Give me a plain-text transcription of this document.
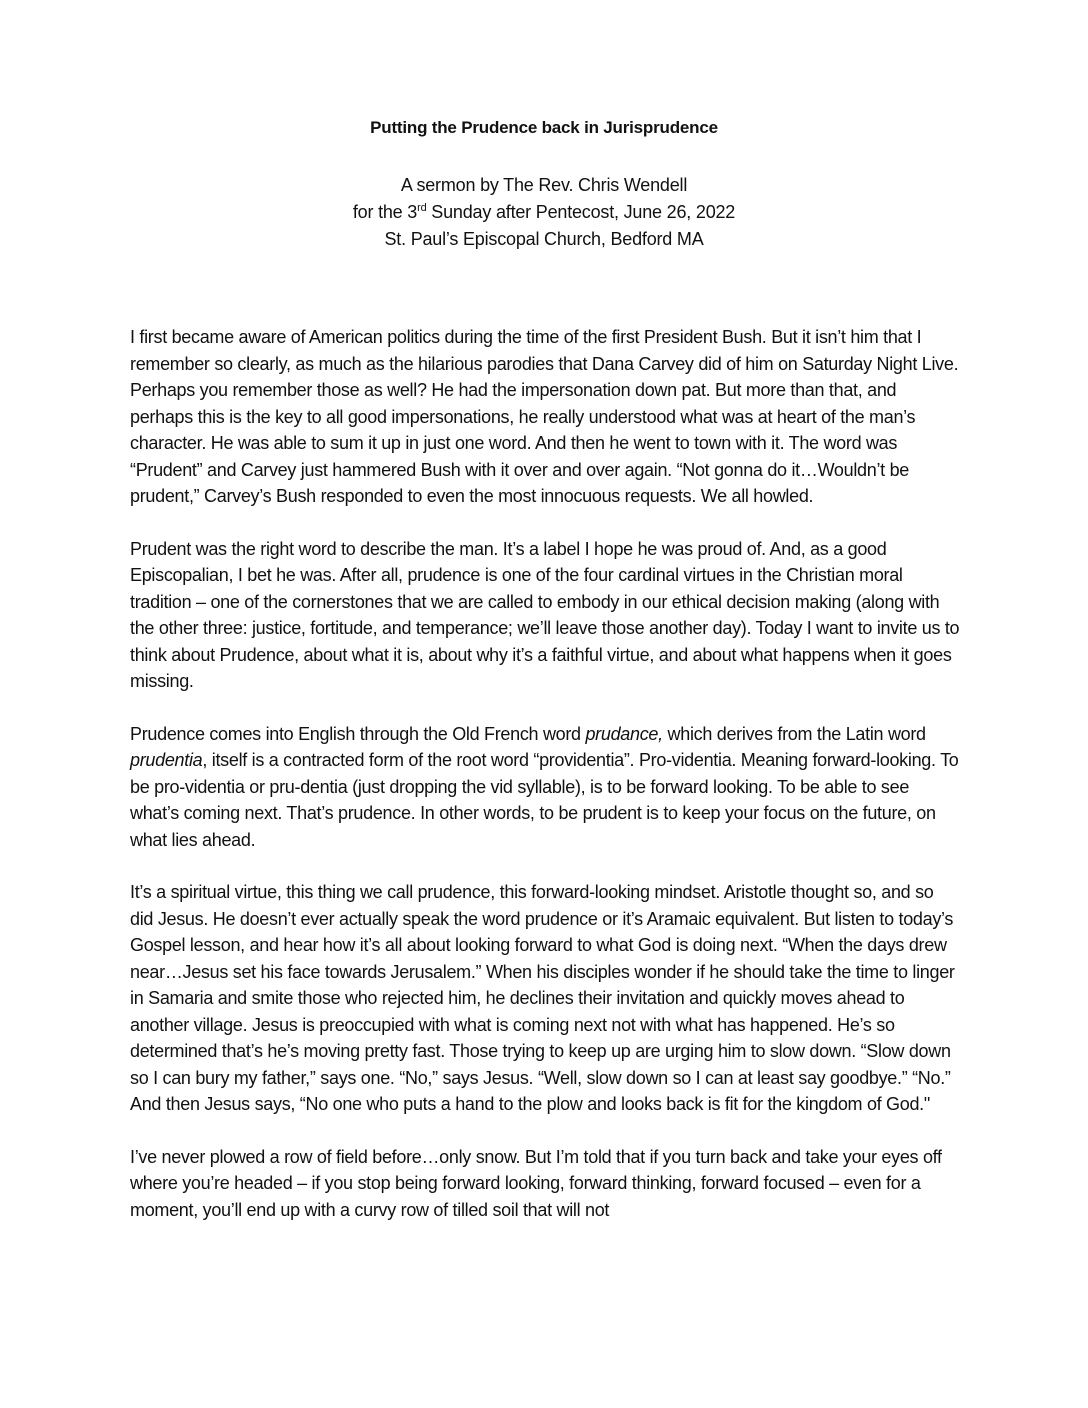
Putting the Prudence back in Jurisprudence
A sermon by The Rev. Chris Wendell
for the 3rd Sunday after Pentecost, June 26, 2022
St. Paul’s Episcopal Church, Bedford MA

I first became aware of American politics during the time of the first President Bush. But it isn’t him that I remember so clearly, as much as the hilarious parodies that Dana Carvey did of him on Saturday Night Live. Perhaps you remember those as well? He had the impersonation down pat. But more than that, and perhaps this is the key to all good impersonations, he really understood what was at heart of the man’s character. He was able to sum it up in just one word. And then he went to town with it. The word was “Prudent” and Carvey just hammered Bush with it over and over again. “Not gonna do it…Wouldn’t be prudent,” Carvey’s Bush responded to even the most innocuous requests. We all howled.

Prudent was the right word to describe the man. It’s a label I hope he was proud of. And, as a good Episcopalian, I bet he was. After all, prudence is one of the four cardinal virtues in the Christian moral tradition – one of the cornerstones that we are called to embody in our ethical decision making (along with the other three: justice, fortitude, and temperance; we’ll leave those another day). Today I want to invite us to think about Prudence, about what it is, about why it’s a faithful virtue, and about what happens when it goes missing.

Prudence comes into English through the Old French word prudance, which derives from the Latin word prudentia, itself is a contracted form of the root word “providentia”. Pro-videntia. Meaning forward-looking. To be pro-videntia or pru-dentia (just dropping the vid syllable), is to be forward looking. To be able to see what’s coming next. That’s prudence. In other words, to be prudent is to keep your focus on the future, on what lies ahead.

It’s a spiritual virtue, this thing we call prudence, this forward-looking mindset. Aristotle thought so, and so did Jesus. He doesn’t ever actually speak the word prudence or it’s Aramaic equivalent. But listen to today’s Gospel lesson, and hear how it’s all about looking forward to what God is doing next. “When the days drew near…Jesus set his face towards Jerusalem.” When his disciples wonder if he should take the time to linger in Samaria and smite those who rejected him, he declines their invitation and quickly moves ahead to another village. Jesus is preoccupied with what is coming next not with what has happened. He’s so determined that’s he’s moving pretty fast. Those trying to keep up are urging him to slow down. “Slow down so I can bury my father,” says one. “No,” says Jesus. “Well, slow down so I can at least say goodbye.” “No.” And then Jesus says, “No one who puts a hand to the plow and looks back is fit for the kingdom of God."

I’ve never plowed a row of field before…only snow. But I’m told that if you turn back and take your eyes off where you’re headed – if you stop being forward looking, forward thinking, forward focused – even for a moment, you’ll end up with a curvy row of tilled soil that will not
